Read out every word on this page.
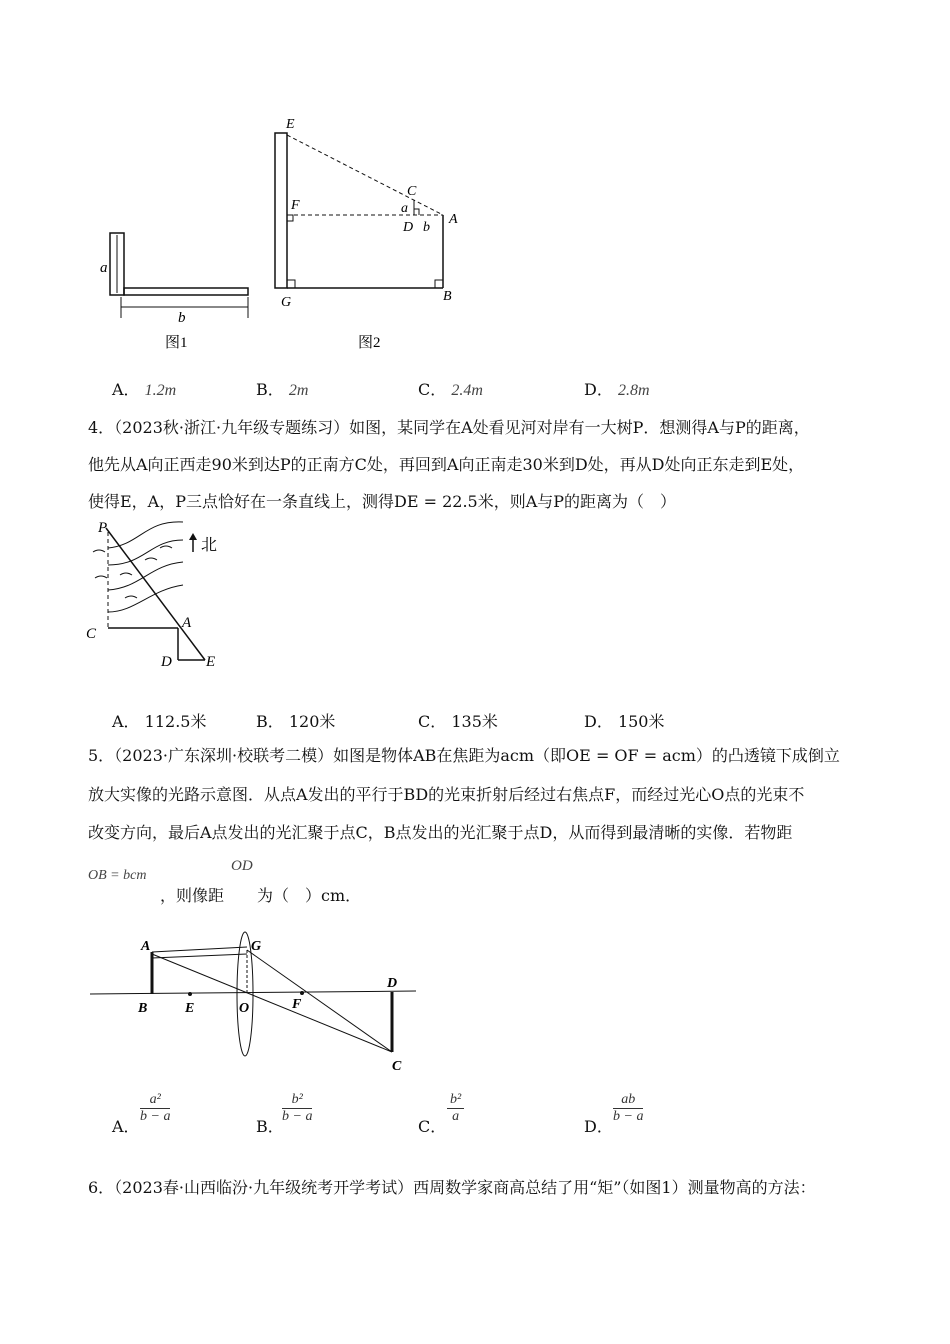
a
b
图1
E
C
a
F
D b
A
G	B
图2
A． 1.2m	B． 2m	C． 2.4m	D． 2.8m
4．（2023秋·浙江·九年级专题练习）如图，某同学在A处看见河对岸有一大树P．想测得A与P的距离，
他先从A向正西走90米到达P的正南方C处，再回到A向正南走30米到D处，再从D处向正东走到E处，
使得E，A，P三点恰好在一条直线上，测得DE = 22.5米，则A与P的距离为（　）
P
C
A
D E
北
A． 112.5米	B． 120米	C． 135米	D． 150米
5．（2023·广东深圳·校联考二模）如图是物体AB在焦距为acm（即OE = OF = acm）的凸透镜下成倒立
放大实像的光路示意图．从点A发出的平行于BD的光束折射后经过右焦点F，而经过光心O点的光束不
改变方向，最后A点发出的光汇聚于点C，B点发出的光汇聚于点D，从而得到最清晰的实像．若物距
OB = bcm
，则像距
OD
为（　）cm．
A	G
D
B	E	O	F
C
A．
$\frac{\text{a²}}{b - a}$
B．
$\frac{\text{b²}}{b - a}$
C．
$\frac{\text{b²}}{a}$
D．
$\frac{ab}{b - a}$
6．（2023春·山西临汾·九年级统考开学考试）西周数学家商高总结了用“矩”（如图1）测量物高的方法：
